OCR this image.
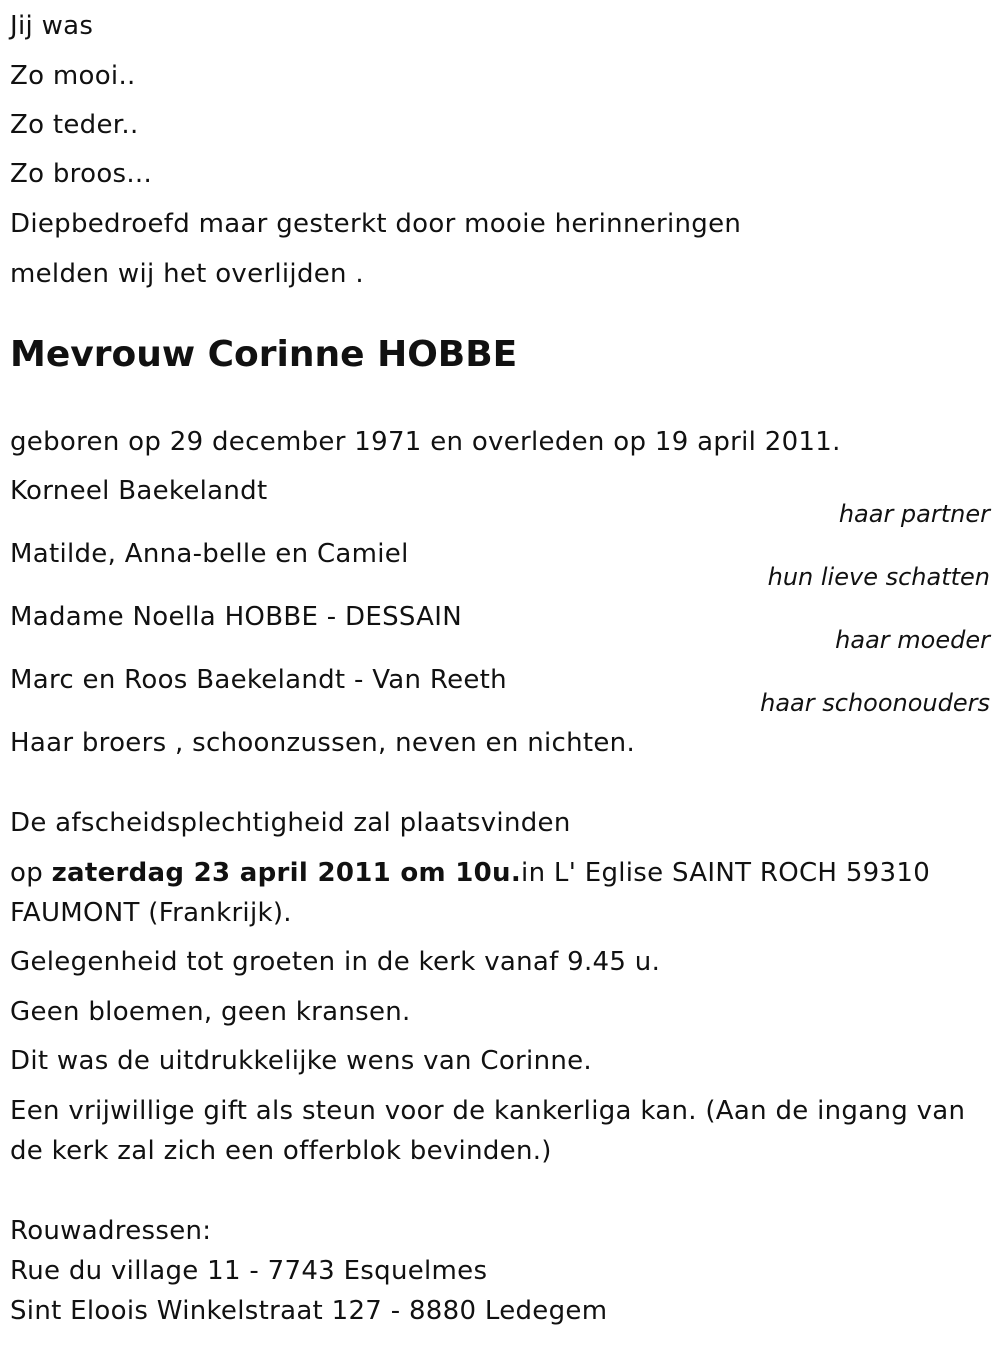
Jij was
Zo mooi..
Zo teder..
Zo broos...
Diepbedroefd maar gesterkt door mooie herinneringen
melden wij het overlijden .
Mevrouw Corinne HOBBE
geboren op 29 december 1971 en overleden op 19 april 2011.
Korneel Baekelandt
haar partner
Matilde, Anna-belle en Camiel
hun lieve schatten
Madame Noella HOBBE - DESSAIN
haar moeder
Marc en Roos Baekelandt - Van Reeth
haar schoonouders
Haar broers , schoonzussen, neven en nichten.
De afscheidsplechtigheid zal plaatsvinden
op zaterdag 23 april 2011 om 10u.in L' Eglise SAINT ROCH 59310
FAUMONT (Frankrijk).
Gelegenheid tot groeten in de kerk vanaf 9.45 u.
Geen bloemen, geen kransen.
Dit was de uitdrukkelijke wens van Corinne.
Een vrijwillige gift als steun voor de kankerliga kan. (Aan de ingang van
de kerk zal zich een offerblok bevinden.)
Rouwadressen:
Rue du village 11 - 7743 Esquelmes
Sint Eloois Winkelstraat 127 - 8880 Ledegem
